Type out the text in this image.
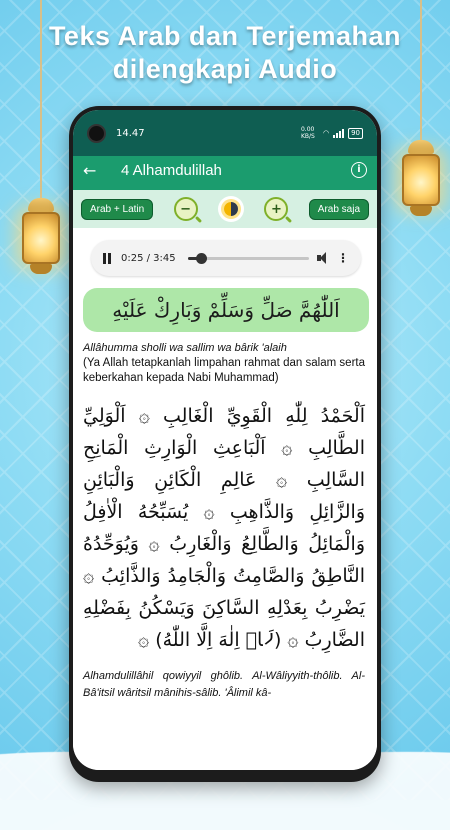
Teks Arab dan Terjemahan
dilengkapi Audio
14.47	0.00 KB/S	◠	90
←	4 Alhamdulillah	i
Arab + Latin	−	+	Arab saja
0:25 / 3:45	⋮
اَللّٰهُمَّ صَلِّ وَسَلِّمْ وَبَارِكْ عَلَيْهِ
Allâhumma sholli wa sallim wa bârik 'alaih
(Ya Allah tetapkanlah limpahan rahmat dan salam serta keberkahan kepada Nabi Muhammad)
اَلْحَمْدُ لِلّٰهِ الْقَوِيِّ الْغَالِبِ ۞ اَلْوَلِيِّ الطَّالِبِ ۞ اَلْبَاعِثِ الْوَارِثِ الْمَانِحِ السَّالِبِ ۞ عَالِمِ الْكَائِنِ وَالْبَائِنِ وَالزَّائِلِ وَالذَّاهِبِ ۞ يُسَبِّحُهُ الْاٰفِلُ وَالْمَائِلُ وَالطَّالِعُ وَالْغَارِبُ ۞ وَيُوَحِّدُهُ النَّاطِقُ وَالصَّامِتُ وَالْجَامِدُ وَالذَّائِبُ ۞ يَضْرِبُ بِعَدْلِهِ السَّاكِنَ وَيَسْكُنُ بِفَضْلِهِ الضَّارِبُ ۞ (لَاۤ اِلٰهَ اِلَّا اللّٰهُ) ۞
Alhamdulillâhil qowiyyil ghôlib. Al-Wâliyyith-thôlib. Al-Bâ'itsil wâritsil mânihis-sâlib. 'Âlimil kâ-
